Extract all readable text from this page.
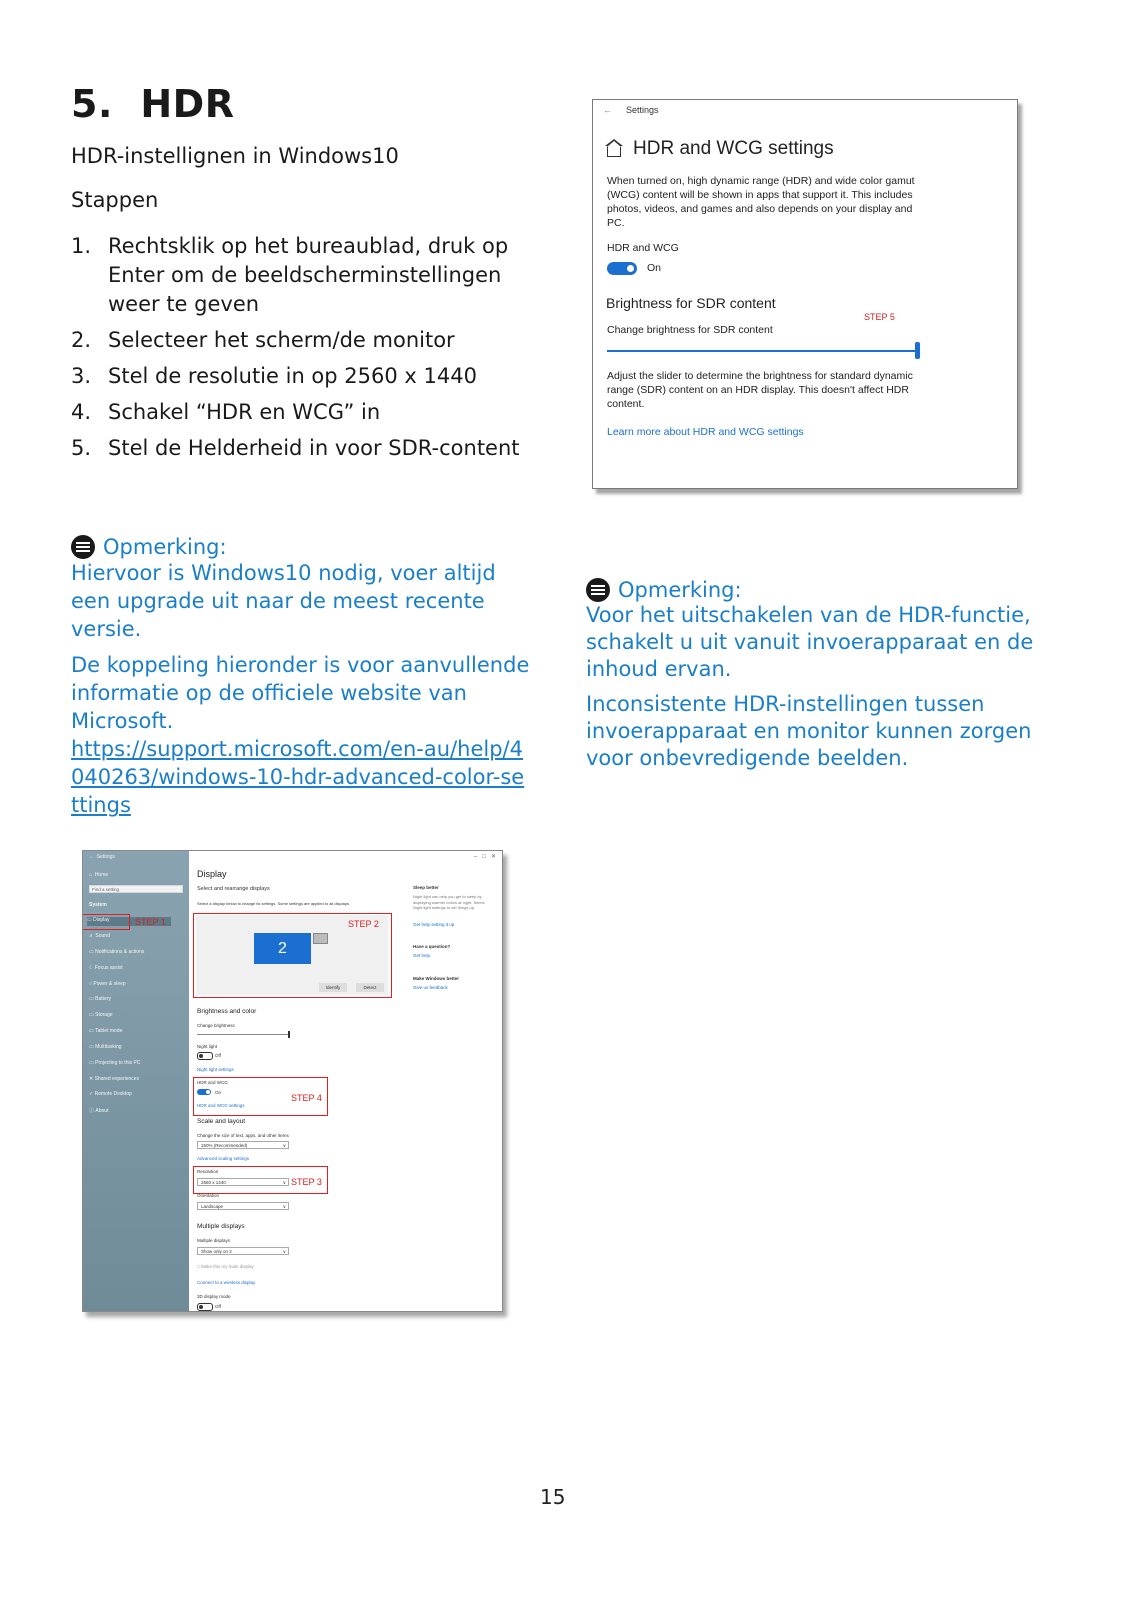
5. HDR
HDR-instellignen in Windows10
Stappen
1. Rechtsklik op het bureaublad, druk op Enter om de beeldscherminstellingen weer te geven
2. Selecteer het scherm/de monitor
3. Stel de resolutie in op 2560 x 1440
4. Schakel “HDR en WCG” in
5. Stel de Helderheid in voor SDR-content
Opmerking:

Hiervoor is Windows10 nodig, voer altijd een upgrade uit naar de meest recente versie.

De koppeling hieronder is voor aanvullende informatie op de officiele website van Microsoft.

https://support.microsoft.com/en-au/help/4040263/windows-10-hdr-advanced-color-settings
Opmerking:

Voor het uitschakelen van de HDR-functie, schakelt u uit vanuit invoerapparaat en de inhoud ervan.

Inconsistente HDR-instellingen tussen invoerapparaat en monitor kunnen zorgen voor onbevredigende beelden.

15
← Settings
HDR and WCG settings
When turned on, high dynamic range (HDR) and wide color gamut (WCG) content will be shown in apps that support it. This includes photos, videos, and games and also depends on your display and PC.
HDR and WCG
On
Brightness for SDR content
STEP 5
Change brightness for SDR content
Adjust the slider to determine the brightness for standard dynamic range (SDR) content on an HDR display. This doesn't affect HDR content.
Learn more about HDR and WCG settings
←  Settings
⌂  Home
Find a setting
System
▭ Display
♬ Sound
▭ Notifications & actions
☾ Focus assist
○ Power & sleep
▭ Battery
▭ Storage
▭ Tablet mode
▭ Multitasking
▭ Projecting to this PC
✕ Shared experiences
✓ Remote Desktop
ⓘ About
STEP 1
–   □   ✕
Display
Select and rearrange displays
Select a display below to change its settings. Some settings are applied to all displays.
2
Identify	Detect
STEP 2
Brightness and color
Change brightness
Night light
Off
Night light settings
HDR and WCG
On
HDR and WCG settings
STEP 4
Scale and layout
Change the size of text, apps, and other items
150% (Recommended) ∨
Advanced scaling settings
Resolution
2560 x 1440 ∨	STEP 3
Orientation
Landscape ∨
Multiple displays
Multiple displays
Show only on 2 ∨
□ Make this my main display
Connect to a wireless display
3D display mode
Off
Sleep better
Night light can help you get to sleep by displaying warmer colors at night. Select Night light settings to set things up.
Get help setting it up
Have a question?
Get help
Make Windows better
Give us feedback
